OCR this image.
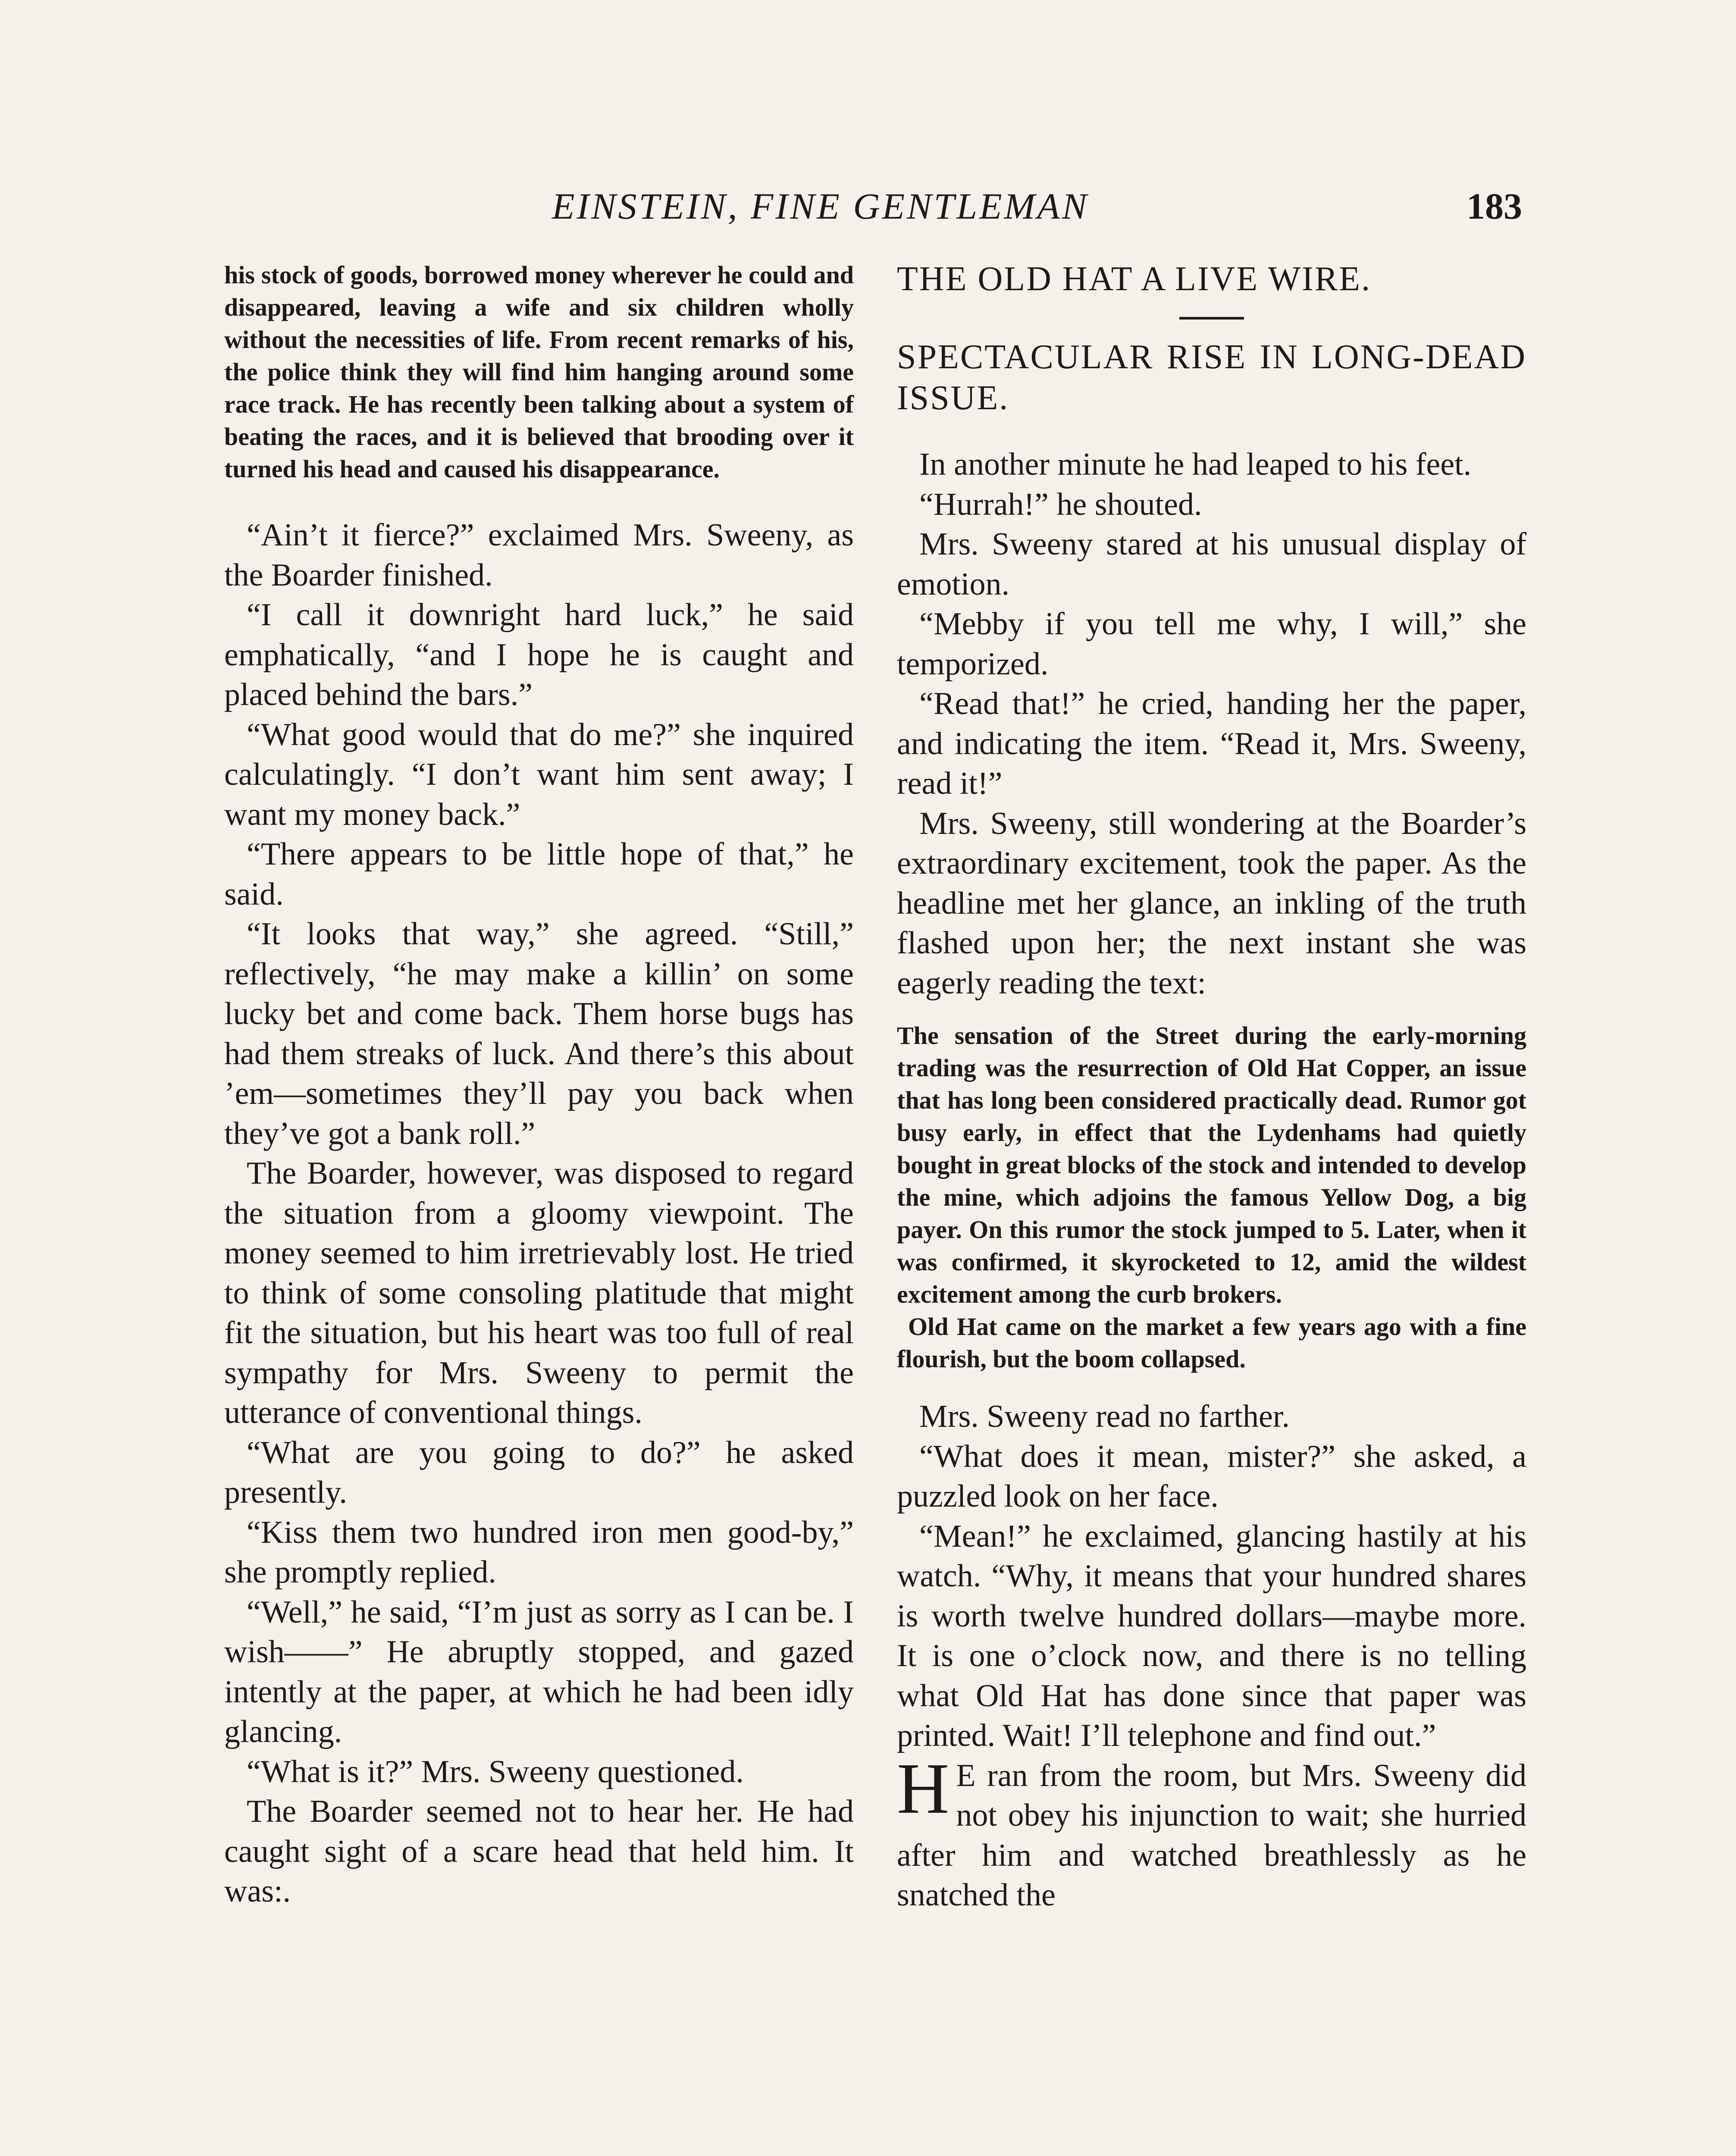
EINSTEIN, FINE GENTLEMAN	183

his stock of goods, borrowed money wherever he could and disappeared, leaving a wife and six children wholly without the necessities of life. From recent remarks of his, the police think they will find him hanging around some race track. He has recently been talking about a system of beating the races, and it is believed that brooding over it turned his head and caused his disappearance.

“Ain’t it fierce?” exclaimed Mrs. Sweeny, as the Boarder finished.

“I call it downright hard luck,” he said emphatically, “and I hope he is caught and placed behind the bars.”

“What good would that do me?” she inquired calculatingly. “I don’t want him sent away; I want my money back.”

“There appears to be little hope of that,” he said.

“It looks that way,” she agreed. “Still,” reflectively, “he may make a killin’ on some lucky bet and come back. Them horse bugs has had them streaks of luck. And there’s this about ’em—sometimes they’ll pay you back when they’ve got a bank roll.”

The Boarder, however, was disposed to regard the situation from a gloomy viewpoint. The money seemed to him irretrievably lost. He tried to think of some consoling platitude that might fit the situation, but his heart was too full of real sympathy for Mrs. Sweeny to permit the utterance of conventional things.

“What are you going to do?” he asked presently.

“Kiss them two hundred iron men good-by,” she promptly replied.

“Well,” he said, “I’m just as sorry as I can be. I wish——” He abruptly stopped, and gazed intently at the paper, at which he had been idly glancing.

“What is it?” Mrs. Sweeny questioned.

The Boarder seemed not to hear her. He had caught sight of a scare head that held him. It was:.

THE OLD HAT A LIVE WIRE.

SPECTACULAR RISE IN LONG-DEAD ISSUE.

In another minute he had leaped to his feet.

“Hurrah!” he shouted.

Mrs. Sweeny stared at his unusual display of emotion.

“Mebby if you tell me why, I will,” she temporized.

“Read that!” he cried, handing her the paper, and indicating the item. “Read it, Mrs. Sweeny, read it!”

Mrs. Sweeny, still wondering at the Boarder’s extraordinary excitement, took the paper. As the headline met her glance, an inkling of the truth flashed upon her; the next instant she was eagerly reading the text:

The sensation of the Street during the early-morning trading was the resurrection of Old Hat Copper, an issue that has long been considered practically dead. Rumor got busy early, in effect that the Lydenhams had quietly bought in great blocks of the stock and intended to develop the mine, which adjoins the famous Yellow Dog, a big payer. On this rumor the stock jumped to 5. Later, when it was confirmed, it skyrocketed to 12, amid the wildest excitement among the curb brokers.

Old Hat came on the market a few years ago with a fine flourish, but the boom collapsed.

Mrs. Sweeny read no farther.

“What does it mean, mister?” she asked, a puzzled look on her face.

“Mean!” he exclaimed, glancing hastily at his watch. “Why, it means that your hundred shares is worth twelve hundred dollars—maybe more. It is one o’clock now, and there is no telling what Old Hat has done since that paper was printed. Wait! I’ll telephone and find out.”

H E ran from the room, but Mrs. Sweeny did not obey his injunction to wait; she hurried after him and watched breathlessly as he snatched the
